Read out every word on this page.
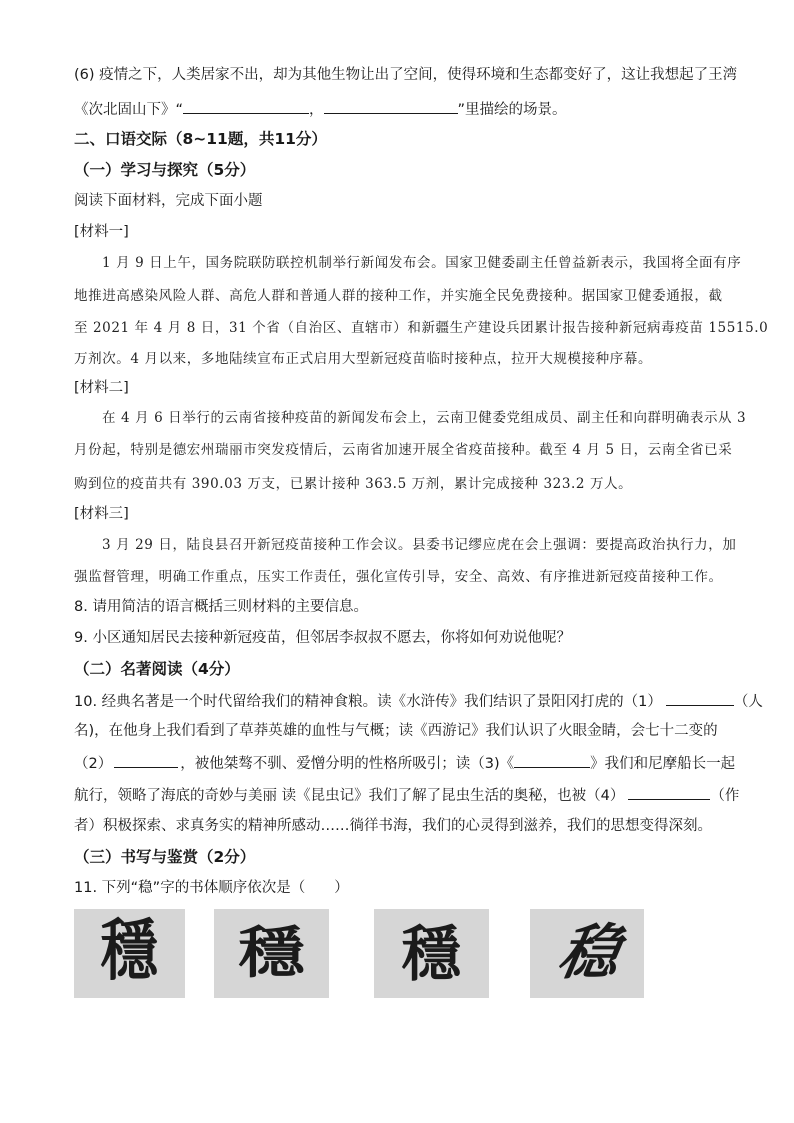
(6) 疫情之下，人类居家不出，却为其他生物让出了空间，使得环境和生态都变好了，这让我想起了王湾
《次北固山下》“	，	”里描绘的场景。
二、口语交际（8~11题，共11分）
（一）学习与探究（5分）
阅读下面材料，完成下面小题
[材料一]
1 月 9 日上午，国务院联防联控机制举行新闻发布会。国家卫健委副主任曾益新表示，我国将全面有序
地推进高感染风险人群、高危人群和普通人群的接种工作，并实施全民免费接种。据国家卫健委通报，截
至 2021 年 4 月 8 日，31 个省（自治区、直辖市）和新疆生产建设兵团累计报告接种新冠病毒疫苗 15515.0
万剂次。4 月以来，多地陆续宣布正式启用大型新冠疫苗临时接种点，拉开大规模接种序幕。
[材料二]
在 4 月 6 日举行的云南省接种疫苗的新闻发布会上，云南卫健委党组成员、副主任和向群明确表示从 3
月份起，特别是德宏州瑞丽市突发疫情后，云南省加速开展全省疫苗接种。截至 4 月 5 日，云南全省已采
购到位的疫苗共有 390.03 万支，已累计接种 363.5 万剂，累计完成接种 323.2 万人。
[材料三]
3 月 29 日，陆良县召开新冠疫苗接种工作会议。县委书记缪应虎在会上强调：要提高政治执行力，加
强监督管理，明确工作重点，压实工作责任，强化宣传引导，安全、高效、有序推进新冠疫苗接种工作。
8. 请用简洁的语言概括三则材料的主要信息。
9. 小区通知居民去接种新冠疫苗，但邻居李叔叔不愿去，你将如何劝说他呢？
（二）名著阅读（4分）
10. 经典名著是一个时代留给我们的精神食粮。读《水浒传》我们结识了景阳冈打虎的（1）	（人
名)，在他身上我们看到了草莽英雄的血性与气概；读《西游记》我们认识了火眼金睛，会七十二变的
（2）	，被他桀骜不驯、爱憎分明的性格所吸引；读（3)《	》我们和尼摩船长一起
航行，领略了海底的奇妙与美丽 读《昆虫记》我们了解了昆虫生活的奥秘，也被（4）	（作
者）积极探索、求真务实的精神所感动……徜徉书海，我们的心灵得到滋养，我们的思想变得深刻。
（三）书写与鉴赏（2分）
11. 下列“稳”字的书体顺序依次是（　　）
穩 穩 穩 稳
